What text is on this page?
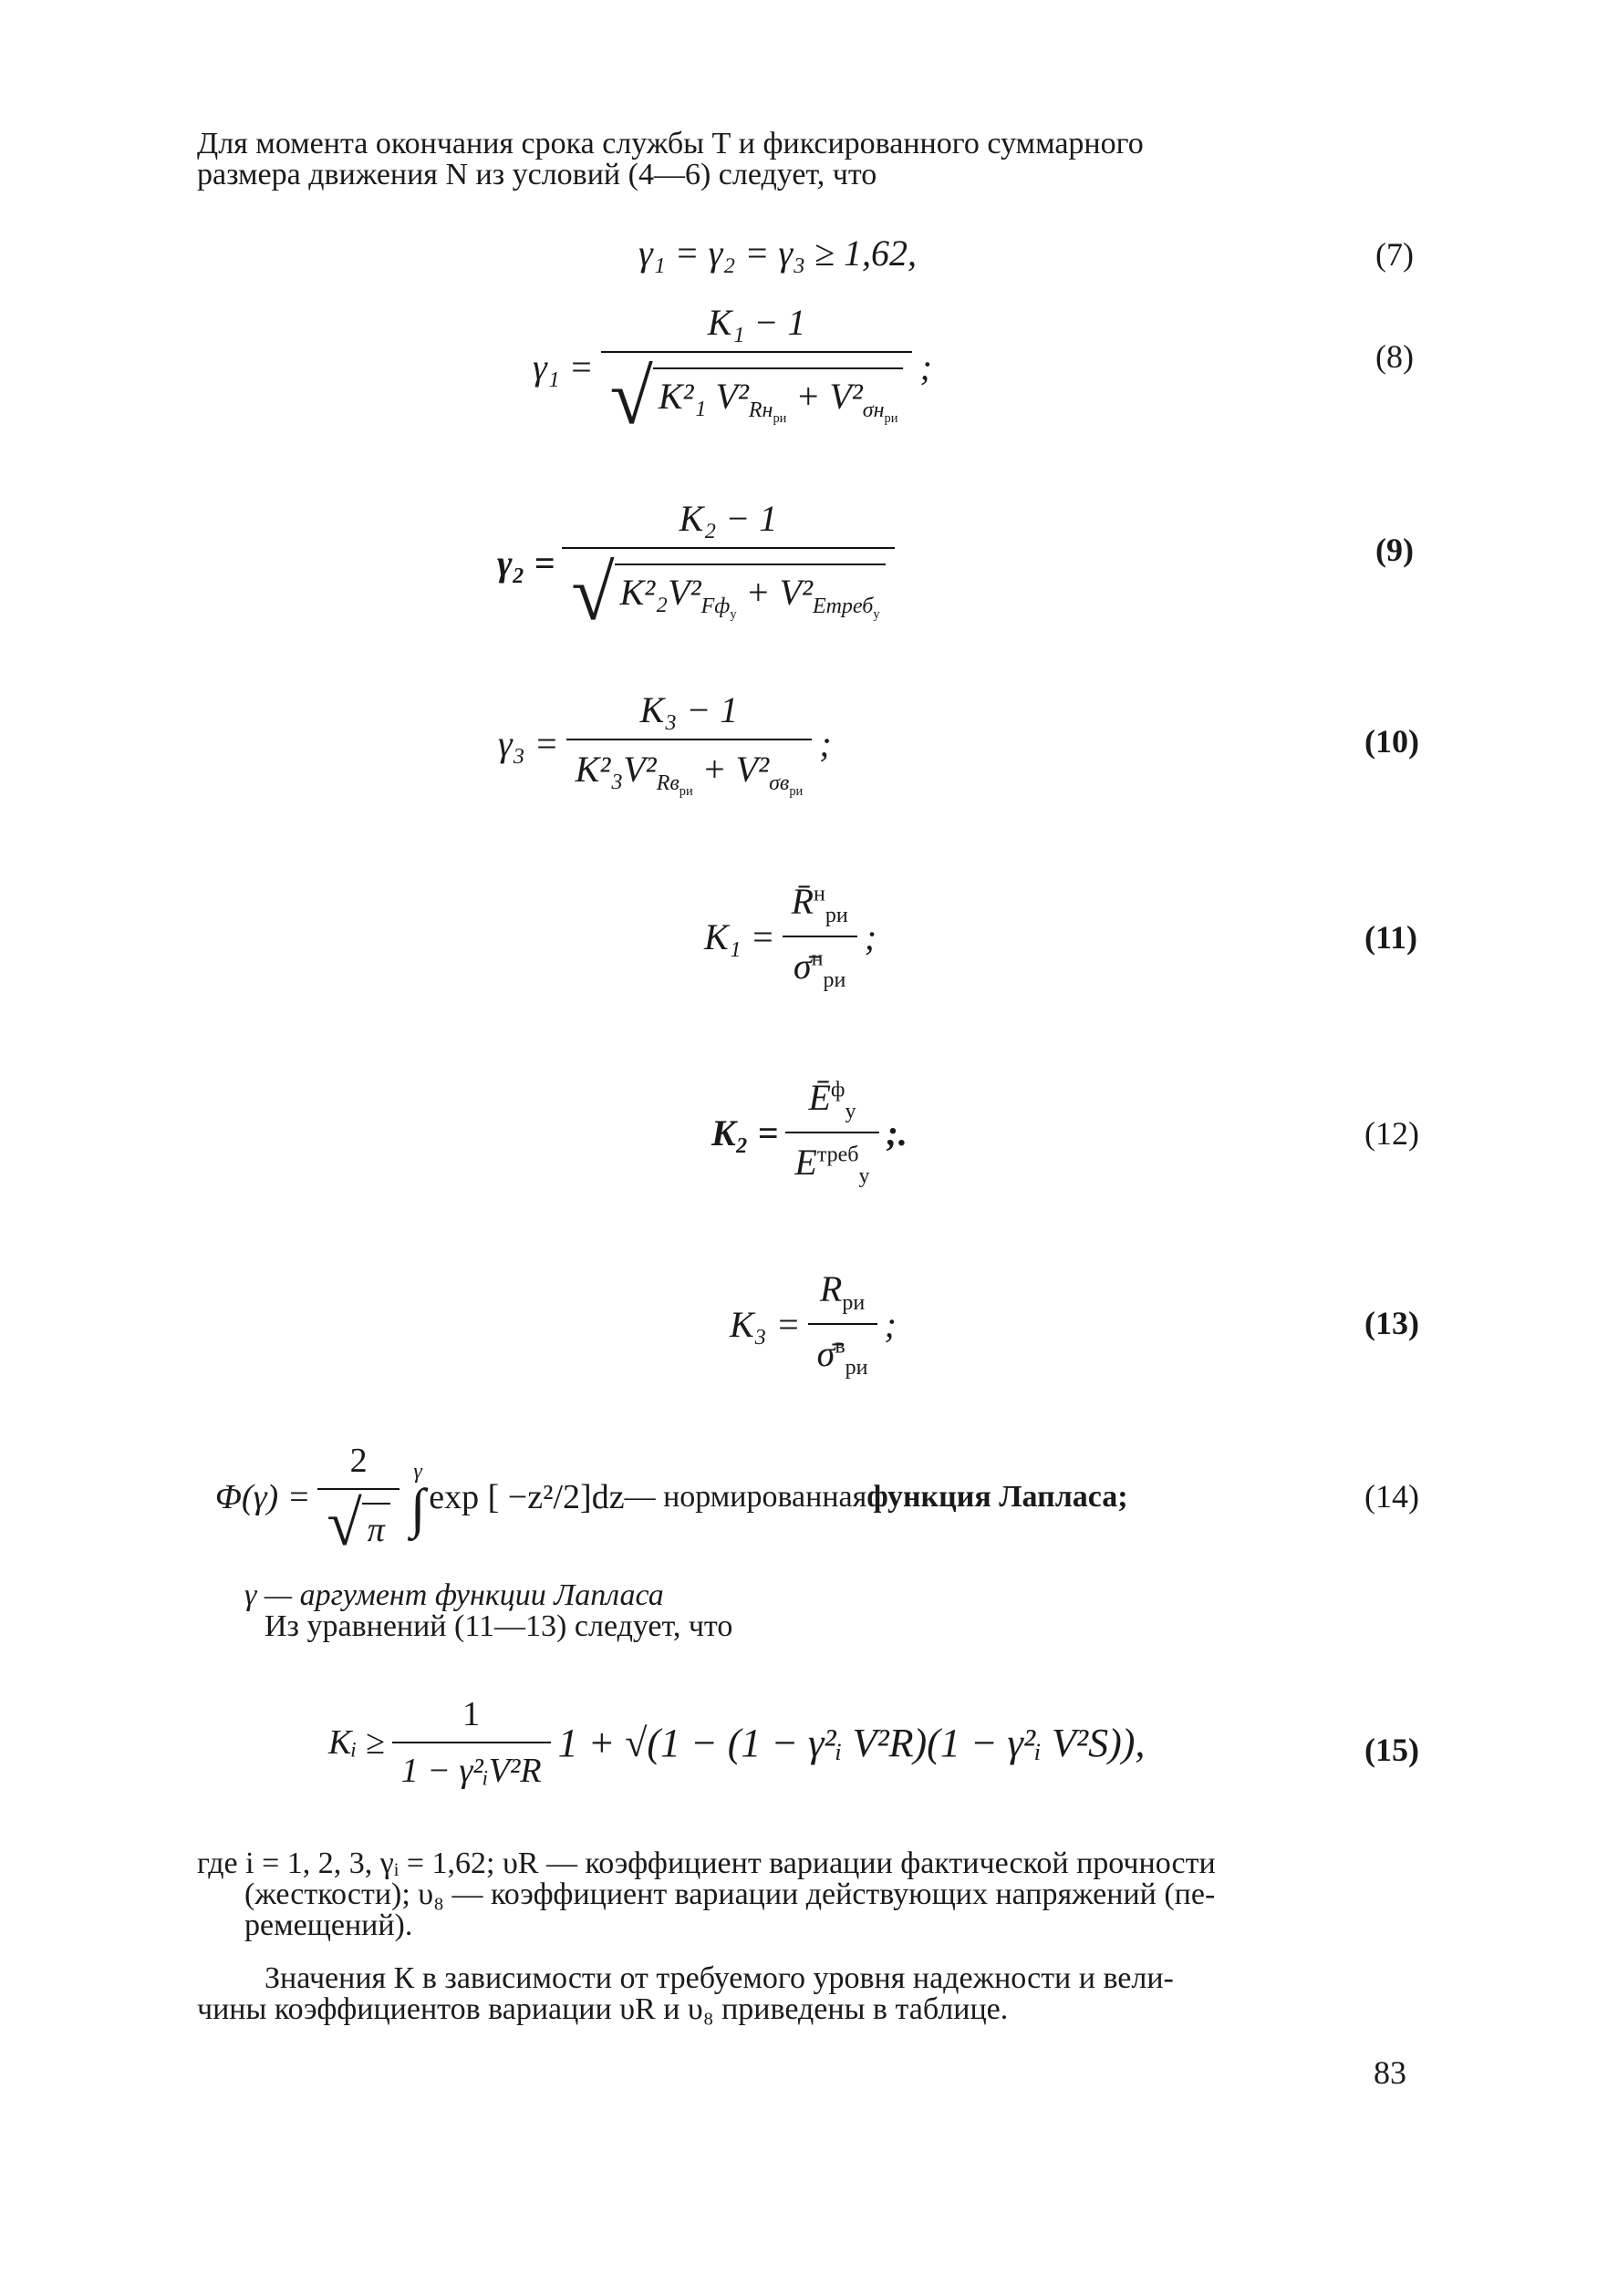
Для момента окончания срока службы Т и фиксированного суммарного
размера движения N из условий (4—6) следует, что
γ₁ = γ₂ = γ₃ ≥ 1,62,	(7)
$\gamma_1 = \frac{\text{K₁ − 1}}{√ K^2_1 V^2_{Rн_{ри}} + V^2_{\sigma н_{ри}}}$ ;	(8)
$\gamma_2 = \frac{\text{K₂ − 1}}{√ K^2_2V^2_{Fф_у} + V^2_{Eтреб_у}}$	(9)
$\gamma_3 = \frac{\text{K₃ − 1}}{K^2_3V^2_{Rв_{ри}} + V^2_{\sigma в_{ри}}}$ ;	(10)
$K_1 = \frac{R̄^н_{ри}}{\sigmā^н_{ри}}$ ;	(11)
$K_2 = \frac{Ē^ф_у}{E^{треб}_у}$ ;.	(12)
$K_3 = \frac{R_{ри}}{\sigmā^в_{ри}}$ ;	(13)
$\Phi(\gamma) = \frac{2}{√ \pi}$ γ
∫ exp [ −z²/2]dz — нормированная функция Лапласа;	(14)
γ — аргумент функции Лапласа
Из уравнений (11—13) следует, что
Kᵢ ≥ $\frac{1}{\text{1 − γ²ᵢV²R}} 1 + √(1 - (1$ − γ²ᵢ V²R)(1 − γ²ᵢ V²S)),	(15)
где i = 1, 2, 3, γᵢ = 1,62; υR — коэффициент вариации фактической прочности
(жесткости); υ₈ — коэффициент вариации действующих напряжений (пе-
ремещений).
Значения К в зависимости от требуемого уровня надежности и вели-
чины коэффициентов вариации υR и υ₈ приведены в таблице.
83
